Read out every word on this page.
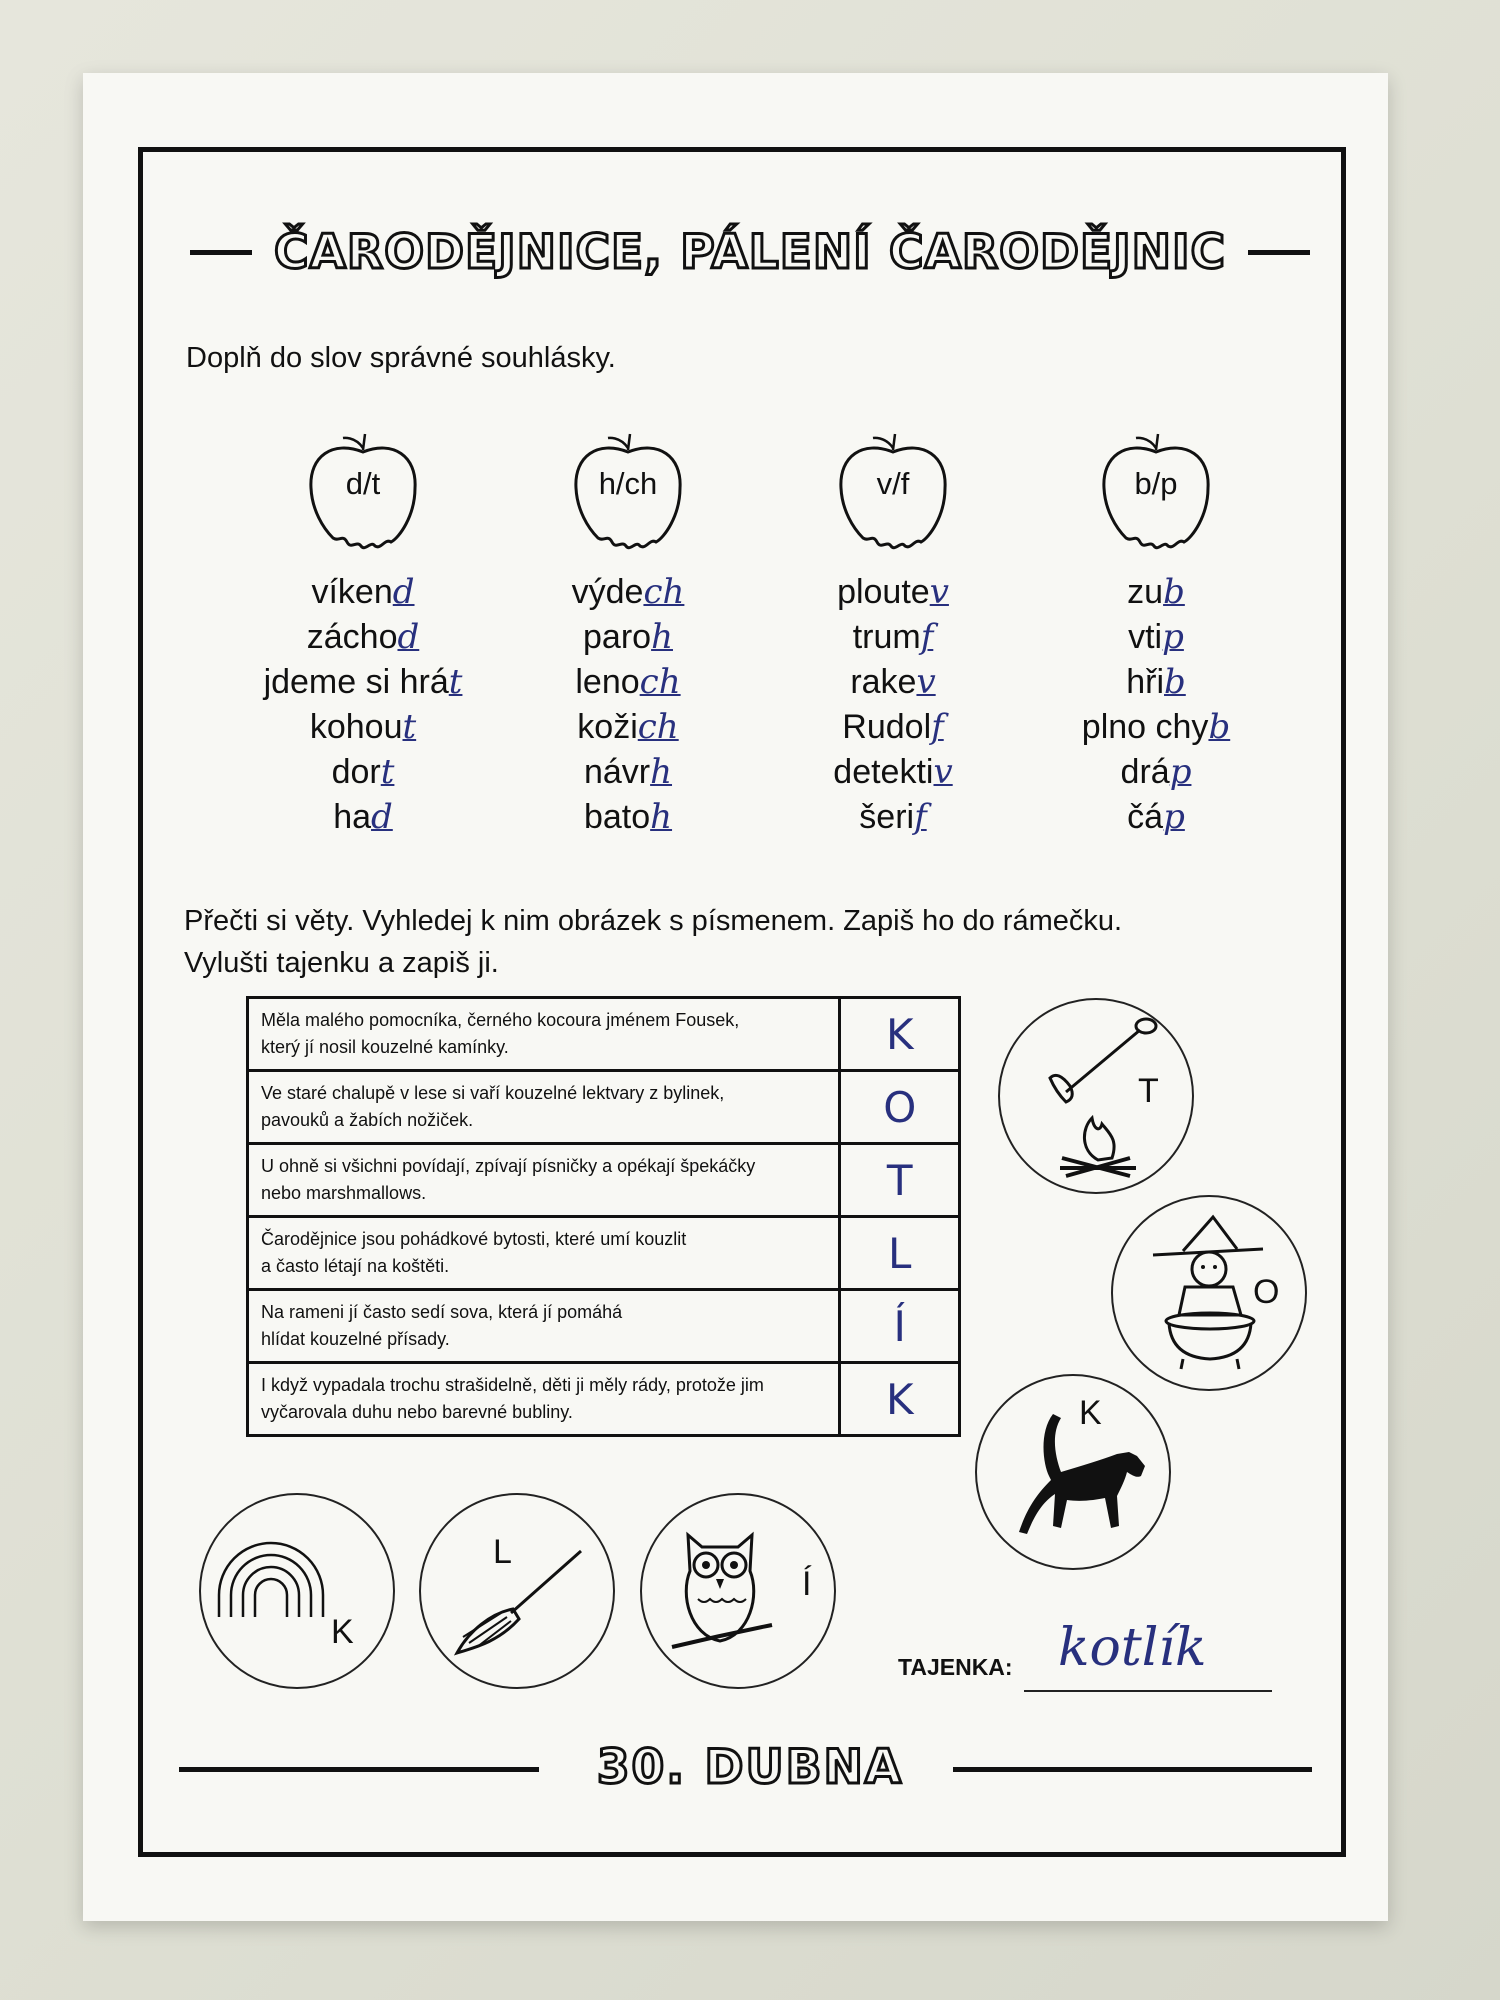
ČARODĚJNICE, PÁLENÍ ČARODĚJNIC
Doplň do slov správné souhlásky.
d/t
víkend
záchod
jdeme si hrát
kohout
dort
had
h/ch
výdech
paroh
lenoch
kožich
návrh
batoh
v/f
ploutev
trumf
rakev
Rudolf
detektiv
šerif
b/p
zub
vtip
hřib
plno chyb
dráp
čáp
Přečti si věty. Vyhledej k nim obrázek s písmenem. Zapiš ho do rámečku.
Vylušti tajenku a zapiš ji.
Měla malého pomocníka, černého kocoura jménem Fousek,
který jí nosil kouzelné kamínky.	K

Ve staré chalupě v lese si vaří kouzelné lektvary z bylinek,
pavouků a žabích nožiček.	O

U ohně si všichni povídají, zpívají písničky a opékají špekáčky
nebo marshmallows.	T

Čarodějnice jsou pohádkové bytosti, které umí kouzlit
a často létají na koštěti.	L

Na rameni jí často sedí sova, která jí pomáhá
hlídat kouzelné přísady.	Í

I když vypadala trochu strašidelně, děti ji měly rády, protože jim
vyčarovala duhu nebo barevné bubliny.	K
T
O
K
K
L
Í
TAJENKA: kotlík
30. DUBNA
